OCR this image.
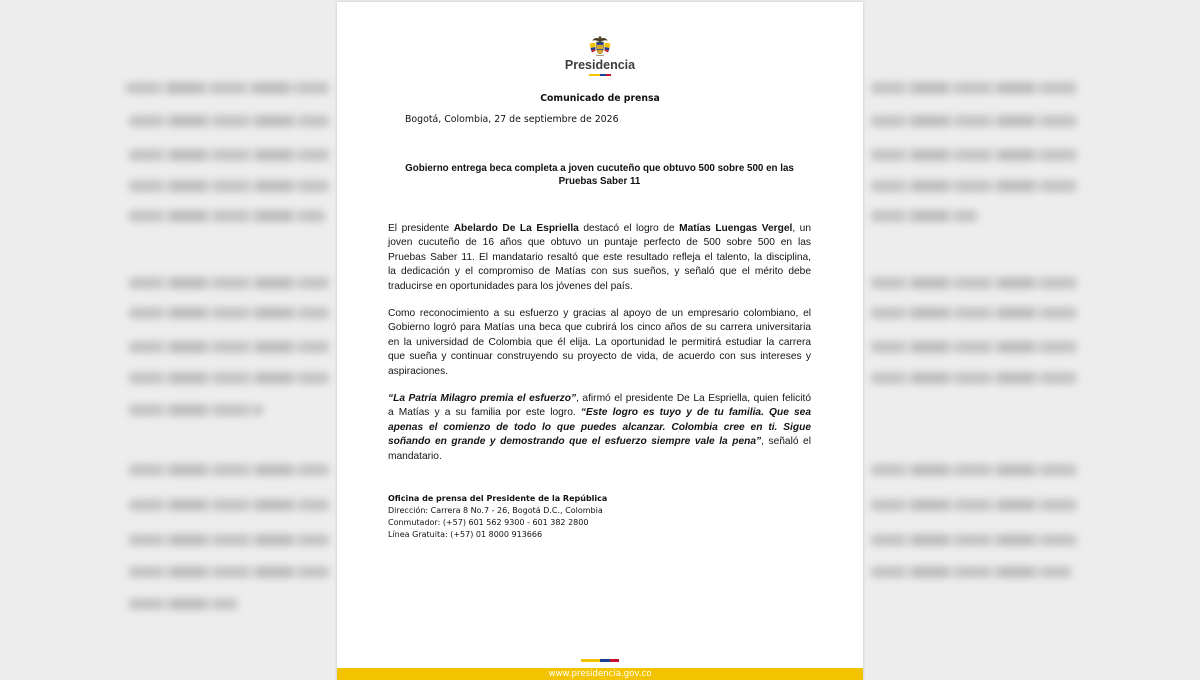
Presidencia
Comunicado de prensa
Bogotá, Colombia, 27 de septiembre de 2026
Gobierno entrega beca completa a joven cucuteño que obtuvo 500 sobre 500 en las
Pruebas Saber 11
El presidente Abelardo De La Espriella destacó el logro de Matías Luengas Vergel, un
joven cucuteño de 16 años que obtuvo un puntaje perfecto de 500 sobre 500 en las
Pruebas Saber 11. El mandatario resaltó que este resultado refleja el talento, la disciplina,
la dedicación y el compromiso de Matías con sus sueños, y señaló que el mérito debe
traducirse en oportunidades para los jóvenes del país.
Como reconocimiento a su esfuerzo y gracias al apoyo de un empresario colombiano, el
Gobierno logró para Matías una beca que cubrirá los cinco años de su carrera universitaria
en la universidad de Colombia que él elija. La oportunidad le permitirá estudiar la carrera
que sueña y continuar construyendo su proyecto de vida, de acuerdo con sus intereses y
aspiraciones.
“La Patria Milagro premia el esfuerzo”, afirmó el presidente De La Espriella, quien felicitó
a Matías y a su familia por este logro. “Este logro es tuyo y de tu familia. Que sea
apenas el comienzo de todo lo que puedes alcanzar. Colombia cree en ti. Sigue
soñando en grande y demostrando que el esfuerzo siempre vale la pena”, señaló el
mandatario.
Oficina de prensa del Presidente de la República
Dirección: Carrera 8 No.7 - 26, Bogotá D.C., Colombia
Conmutador: (+57) 601 562 9300 - 601 382 2800
Línea Gratuita: (+57) 01 8000 913666
www.presidencia.gov.co
